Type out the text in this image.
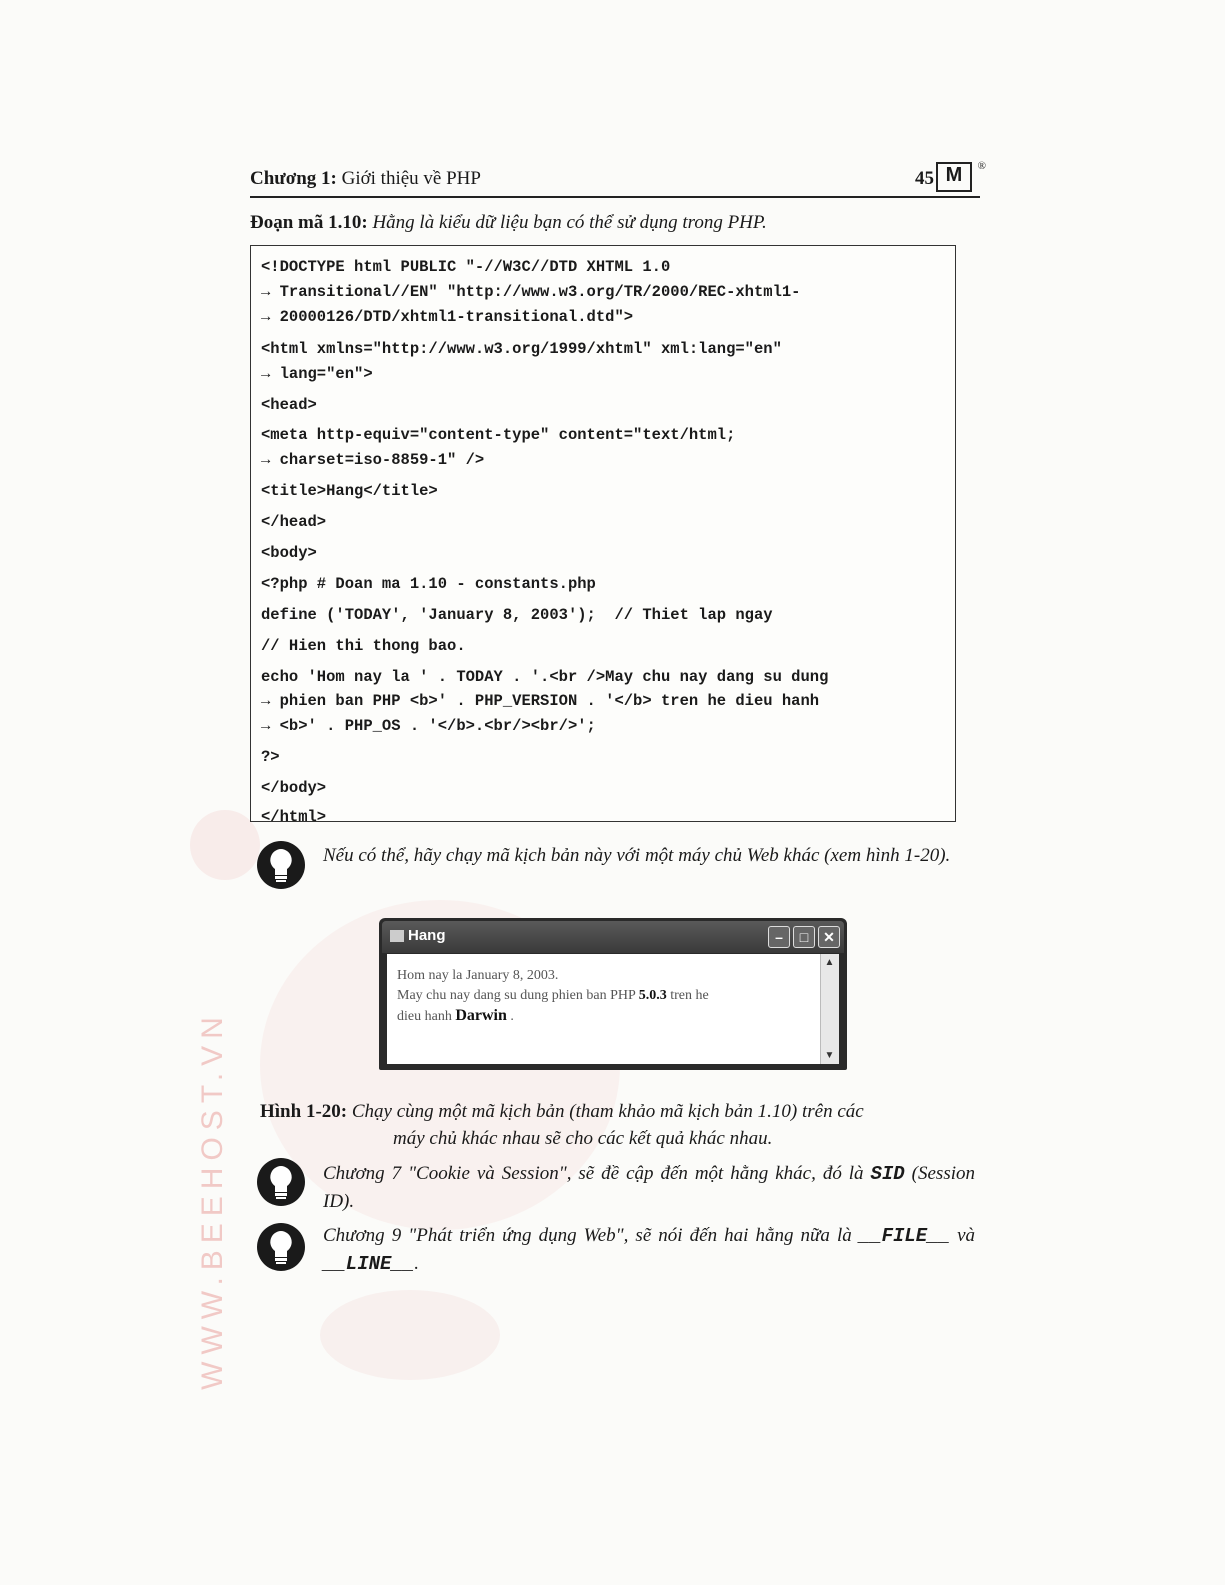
WWW.BEEHOST.VN
Chương 1: Giới thiệu về PHP	45 M	®
Đoạn mã 1.10: Hằng là kiểu dữ liệu bạn có thể sử dụng trong PHP.
<!DOCTYPE html PUBLIC "-//W3C//DTD XHTML 1.0
→ Transitional//EN" "http://www.w3.org/TR/2000/REC-xhtml1-
→ 20000126/DTD/xhtml1-transitional.dtd">
<html xmlns="http://www.w3.org/1999/xhtml" xml:lang="en"
→ lang="en">
<head>
<meta http-equiv="content-type" content="text/html;
→ charset=iso-8859-1" />
<title>Hang</title>
</head>
<body>
<?php # Doan ma 1.10 - constants.php
define ('TODAY', 'January 8, 2003');  // Thiet lap ngay
// Hien thi thong bao.
echo 'Hom nay la ' . TODAY . '.<br />May chu nay dang su dung
→ phien ban PHP <b>' . PHP_VERSION . '</b> tren he dieu hanh
→ <b>' . PHP_OS . '</b>.<br/><br/>';
?>
</body>
</html>
Nếu có thể, hãy chạy mã kịch bản này với một máy chủ Web khác (xem hình 1-20).
Hang	–	□	✕
Hom nay la January 8, 2003.
May chu nay dang su dung phien ban PHP 5.0.3 tren he
dieu hanh Darwin .
▲
▼
Hình 1-20: Chạy cùng một mã kịch bản (tham khảo mã kịch bản 1.10) trên các
máy chủ khác nhau sẽ cho các kết quả khác nhau.
Chương 7 "Cookie và Session", sẽ đề cập đến một hằng khác, đó là SID (Session ID).
Chương 9 "Phát triển ứng dụng Web", sẽ nói đến hai hằng nữa là __FILE__ và __LINE__.
